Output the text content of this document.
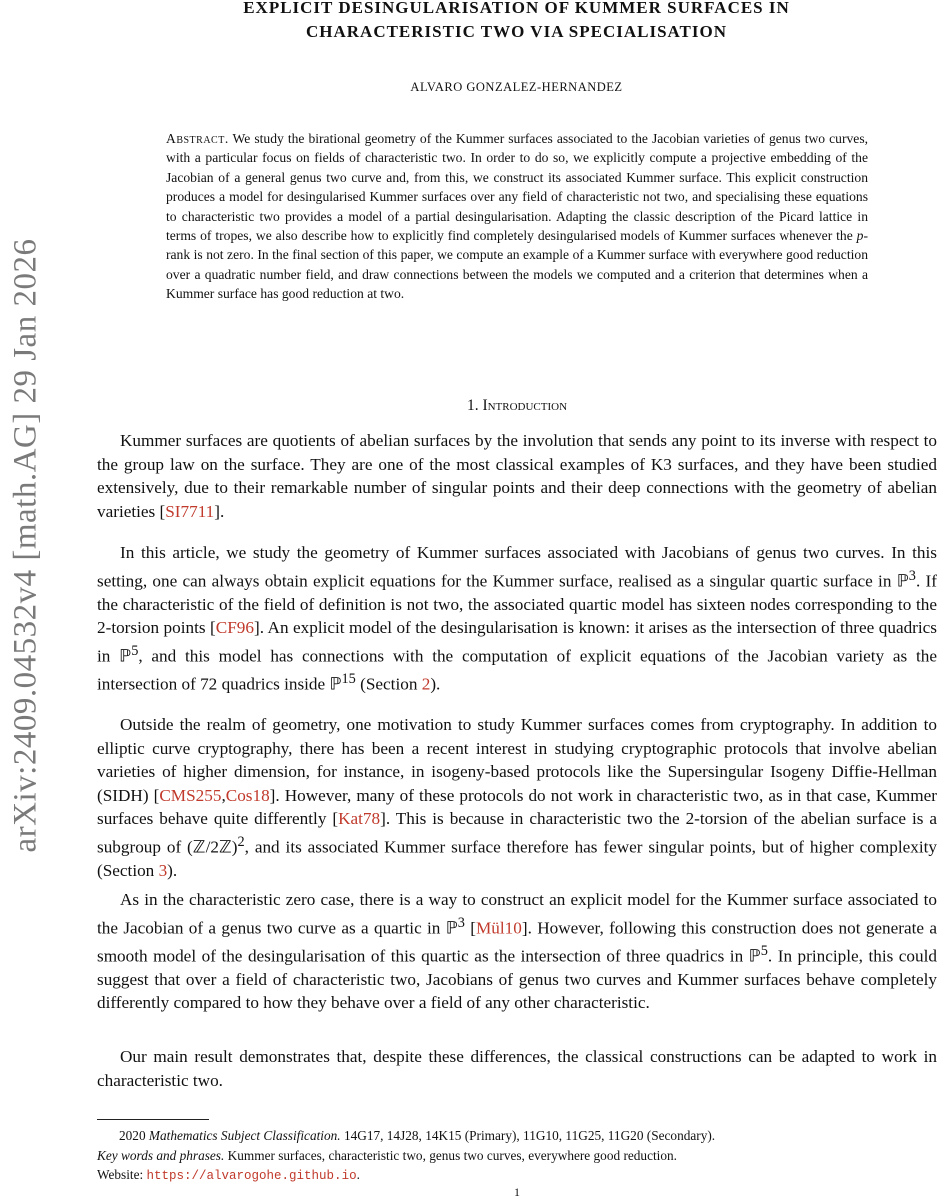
arXiv:2409.04532v4 [math.AG] 29 Jan 2026
EXPLICIT DESINGULARISATION OF KUMMER SURFACES IN
CHARACTERISTIC TWO VIA SPECIALISATION
ALVARO GONZALEZ-HERNANDEZ
Abstract. We study the birational geometry of the Kummer surfaces associated to the Jacobian varieties of genus two curves, with a particular focus on fields of characteristic two. In order to do so, we explicitly compute a projective embedding of the Jacobian of a general genus two curve and, from this, we construct its associated Kummer surface. This explicit construction produces a model for desingularised Kummer surfaces over any field of characteristic not two, and specialising these equations to characteristic two provides a model of a partial desingularisation. Adapting the classic description of the Picard lattice in terms of tropes, we also describe how to explicitly find completely desingularised models of Kummer surfaces whenever the p-rank is not zero. In the final section of this paper, we compute an example of a Kummer surface with everywhere good reduction over a quadratic number field, and draw connections between the models we computed and a criterion that determines when a Kummer surface has good reduction at two.
1. Introduction
Kummer surfaces are quotients of abelian surfaces by the involution that sends any point to its inverse with respect to the group law on the surface. They are one of the most classical examples of K3 surfaces, and they have been studied extensively, due to their remarkable number of singular points and their deep connections with the geometry of abelian varieties [SI7711].
In this article, we study the geometry of Kummer surfaces associated with Jacobians of genus two curves. In this setting, one can always obtain explicit equations for the Kummer surface, realised as a singular quartic surface in ℙ$^3$. If the characteristic of the field of definition is not two, the associated quartic model has sixteen nodes corresponding to the 2-torsion points [CF96]. An explicit model of the desingularisation is known: it arises as the intersection of three quadrics in ℙ$^5$, and this model has connections with the computation of explicit equations of the Jacobian variety as the intersection of 72 quadrics inside ℙ$^{15}$ (Section 2).
Outside the realm of geometry, one motivation to study Kummer surfaces comes from cryptography. In addition to elliptic curve cryptography, there has been a recent interest in studying cryptographic protocols that involve abelian varieties of higher dimension, for instance, in isogeny-based protocols like the Supersingular Isogeny Diffie-Hellman (SIDH) [CMS255,Cos18]. However, many of these protocols do not work in characteristic two, as in that case, Kummer surfaces behave quite differently [Kat78]. This is because in characteristic two the 2-torsion of the abelian surface is a subgroup of (ℤ/2ℤ)$^2$, and its associated Kummer surface therefore has fewer singular points, but of higher complexity (Section 3).
As in the characteristic zero case, there is a way to construct an explicit model for the Kummer surface associated to the Jacobian of a genus two curve as a quartic in ℙ$^3$ [Mül10]. However, following this construction does not generate a smooth model of the desingularisation of this quartic as the intersection of three quadrics in ℙ$^5$. In principle, this could suggest that over a field of characteristic two, Jacobians of genus two curves and Kummer surfaces behave completely differently compared to how they behave over a field of any other characteristic.
Our main result demonstrates that, despite these differences, the classical constructions can be adapted to work in characteristic two.
2020 Mathematics Subject Classification. 14G17, 14J28, 14K15 (Primary), 11G10, 11G25, 11G20 (Secondary).
Key words and phrases. Kummer surfaces, characteristic two, genus two curves, everywhere good reduction.
Website: https://alvarogohe.github.io.
1
